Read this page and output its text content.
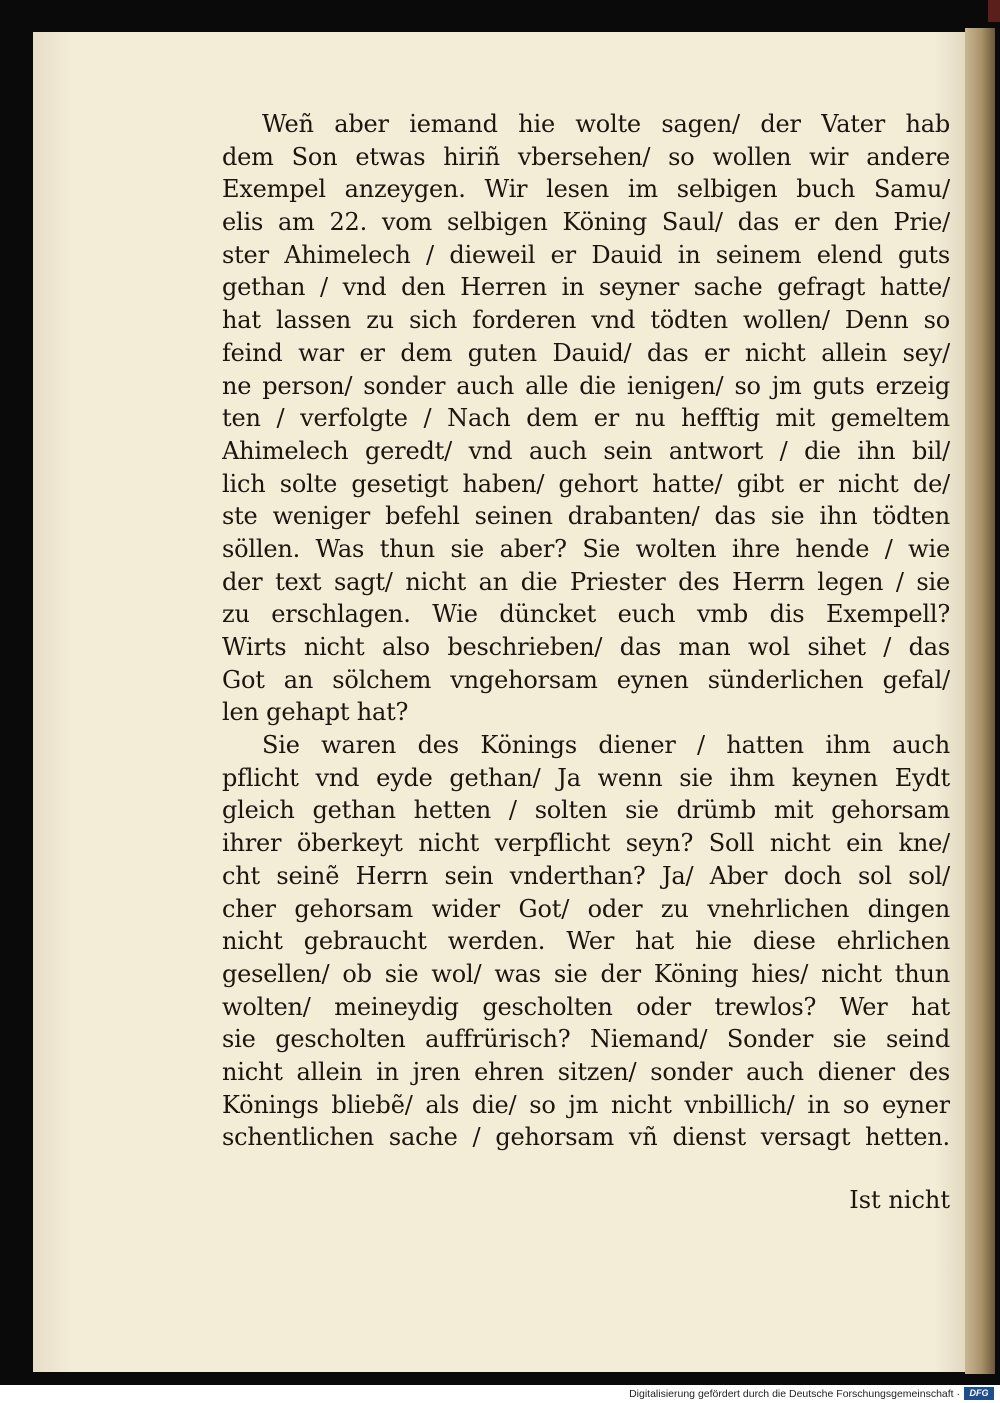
Weñ aber iemand hie wolte sagen/ der Vater hab
dem Son etwas hiriñ vbersehen/ so wollen wir andere
Exempel anzeygen. Wir lesen im selbigen buch Samu/
elis am 22. vom selbigen Köning Saul/ das er den Prie/
ster Ahimelech / dieweil er Dauid in seinem elend guts
gethan / vnd den Herren in seyner sache gefragt hatte/
hat lassen zu sich forderen vnd tödten wollen/ Denn so
feind war er dem guten Dauid/ das er nicht allein sey/
ne person/ sonder auch alle die ienigen/ so jm guts erzeig
ten / verfolgte / Nach dem er nu hefftig mit gemeltem
Ahimelech geredt/ vnd auch sein antwort / die ihn bil/
lich solte gesetigt haben/ gehort hatte/ gibt er nicht de/
ste weniger befehl seinen drabanten/ das sie ihn tödten
söllen. Was thun sie aber? Sie wolten ihre hende / wie
der text sagt/ nicht an die Priester des Herrn legen / sie
zu erschlagen. Wie düncket euch vmb dis Exempell?
Wirts nicht also beschrieben/ das man wol sihet / das
Got an sölchem vngehorsam eynen sünderlichen gefal/
len gehapt hat?
Sie waren des Könings diener / hatten ihm auch
pflicht vnd eyde gethan/ Ja wenn sie ihm keynen Eydt
gleich gethan hetten / solten sie drümb mit gehorsam
ihrer öberkeyt nicht verpflicht seyn? Soll nicht ein kne/
cht seinẽ Herrn sein vnderthan? Ja/ Aber doch sol sol/
cher gehorsam wider Got/ oder zu vnehrlichen dingen
nicht gebraucht werden. Wer hat hie diese ehrlichen
gesellen/ ob sie wol/ was sie der Köning hies/ nicht thun
wolten/ meineydig gescholten oder trewlos? Wer hat
sie gescholten auffrürisch? Niemand/ Sonder sie seind
nicht allein in jren ehren sitzen/ sonder auch diener des
Könings bliebẽ/ als die/ so jm nicht vnbillich/ in so eyner
schentlichen sache / gehorsam vñ dienst versagt hetten.
Ist nicht
Digitalisierung gefördert durch die Deutsche Forschungsgemeinschaft ·	DFG
